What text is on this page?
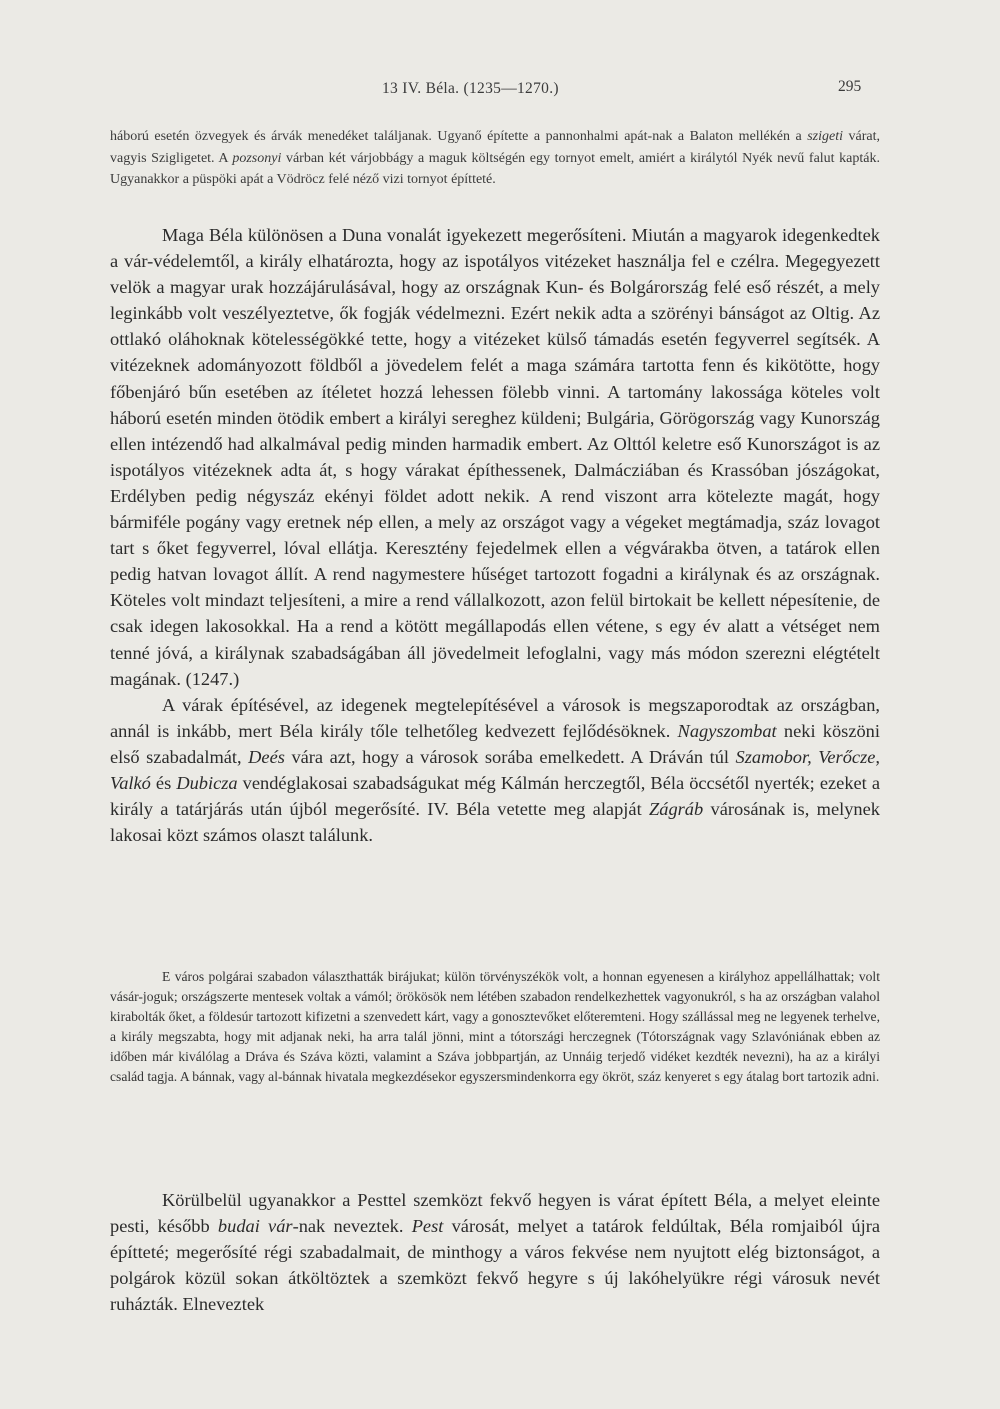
13 IV. Béla. (1235—1270.)	295

háború esetén özvegyek és árvák menedéket találjanak. Ugyanő építette a pannonhalmi apát-nak a Balaton mellékén a szigeti várat, vagyis Szigligetet. A pozsonyi várban két várjobbágy a maguk költségén egy tornyot emelt, amiért a királytól Nyék nevű falut kapták. Ugyanakkor a püspöki apát a Vödröcz felé néző vizi tornyot építteté.

Maga Béla különösen a Duna vonalát igyekezett megerősíteni. Miután a magyarok idegenkedtek a vár-védelemtől, a király elhatározta, hogy az ispotályos vitézeket használja fel e czélra. Megegyezett velök a magyar urak hozzájárulásával, hogy az országnak Kun- és Bolgárország felé eső részét, a mely leginkább volt veszélyeztetve, ők fogják védelmezni. Ezért nekik adta a szörényi bánságot az Oltig. Az ottlakó oláhoknak kötelességökké tette, hogy a vitézeket külső támadás esetén fegyverrel segítsék. A vitézeknek adományozott földből a jövedelem felét a maga számára tartotta fenn és kikötötte, hogy főbenjáró bűn esetében az ítéletet hozzá lehessen fölebb vinni. A tartomány lakossága köteles volt háború esetén minden ötödik embert a királyi sereghez küldeni; Bulgária, Görögország vagy Kunország ellen intézendő had alkalmával pedig minden harmadik embert. Az Olttól keletre eső Kunországot is az ispotályos vitézeknek adta át, s hogy várakat építhessenek, Dalmácziában és Krassóban jószágokat, Erdélyben pedig négyszáz ekényi földet adott nekik. A rend viszont arra kötelezte magát, hogy bármiféle pogány vagy eretnek nép ellen, a mely az országot vagy a végeket megtámadja, száz lovagot tart s őket fegyverrel, lóval ellátja. Keresztény fejedelmek ellen a végvárakba ötven, a tatárok ellen pedig hatvan lovagot állít. A rend nagymestere hűséget tartozott fogadni a királynak és az országnak. Köteles volt mindazt teljesíteni, a mire a rend vállalkozott, azon felül birtokait be kellett népesítenie, de csak idegen lakosokkal. Ha a rend a kötött megállapodás ellen vétene, s egy év alatt a vétséget nem tenné jóvá, a királynak szabadságában áll jövedelmeit lefoglalni, vagy más módon szerezni elégtételt magának. (1247.)

A várak építésével, az idegenek megtelepítésével a városok is megszaporodtak az országban, annál is inkább, mert Béla király tőle telhetőleg kedvezett fejlődésöknek. Nagyszombat neki köszöni első szabadalmát, Deés vára azt, hogy a városok sorába emelkedett. A Dráván túl Szamobor, Verőcze, Valkó és Dubicza vendéglakosai szabadságukat még Kálmán herczegtől, Béla öccsétől nyerték; ezeket a király a tatárjárás után újból megerősíté. IV. Béla vetette meg alapját Zágráb városának is, melynek lakosai közt számos olaszt találunk.

E város polgárai szabadon választhatták birájukat; külön törvényszékök volt, a honnan egyenesen a királyhoz appellálhattak; volt vásár-joguk; országszerte mentesek voltak a vámól; örökösök nem létében szabadon rendelkezhettek vagyonukról, s ha az országban valahol kirabolták őket, a földesúr tartozott kifizetni a szenvedett kárt, vagy a gonosztevőket előteremteni. Hogy szállással meg ne legyenek terhelve, a király megszabta, hogy mit adjanak neki, ha arra talál jönni, mint a tótországi herczegnek (Tótországnak vagy Szlavóniának ebben az időben már kiválólag a Dráva és Száva közti, valamint a Száva jobbpartján, az Unnáig terjedő vidéket kezdték nevezni), ha az a királyi család tagja. A bánnak, vagy al-bánnak hivatala megkezdésekor egyszersmindenkorra egy ökröt, száz kenyeret s egy átalag bort tartozik adni.

Körülbelül ugyanakkor a Pesttel szemközt fekvő hegyen is várat épített Béla, a melyet eleinte pesti, később budai vár-nak neveztek. Pest városát, melyet a tatárok feldúltak, Béla romjaiból újra építteté; megerősíté régi szabadalmait, de minthogy a város fekvése nem nyujtott elég biztonságot, a polgárok közül sokan átköltöztek a szemközt fekvő hegyre s új lakóhelyükre régi városuk nevét ruházták. Elneveztek
